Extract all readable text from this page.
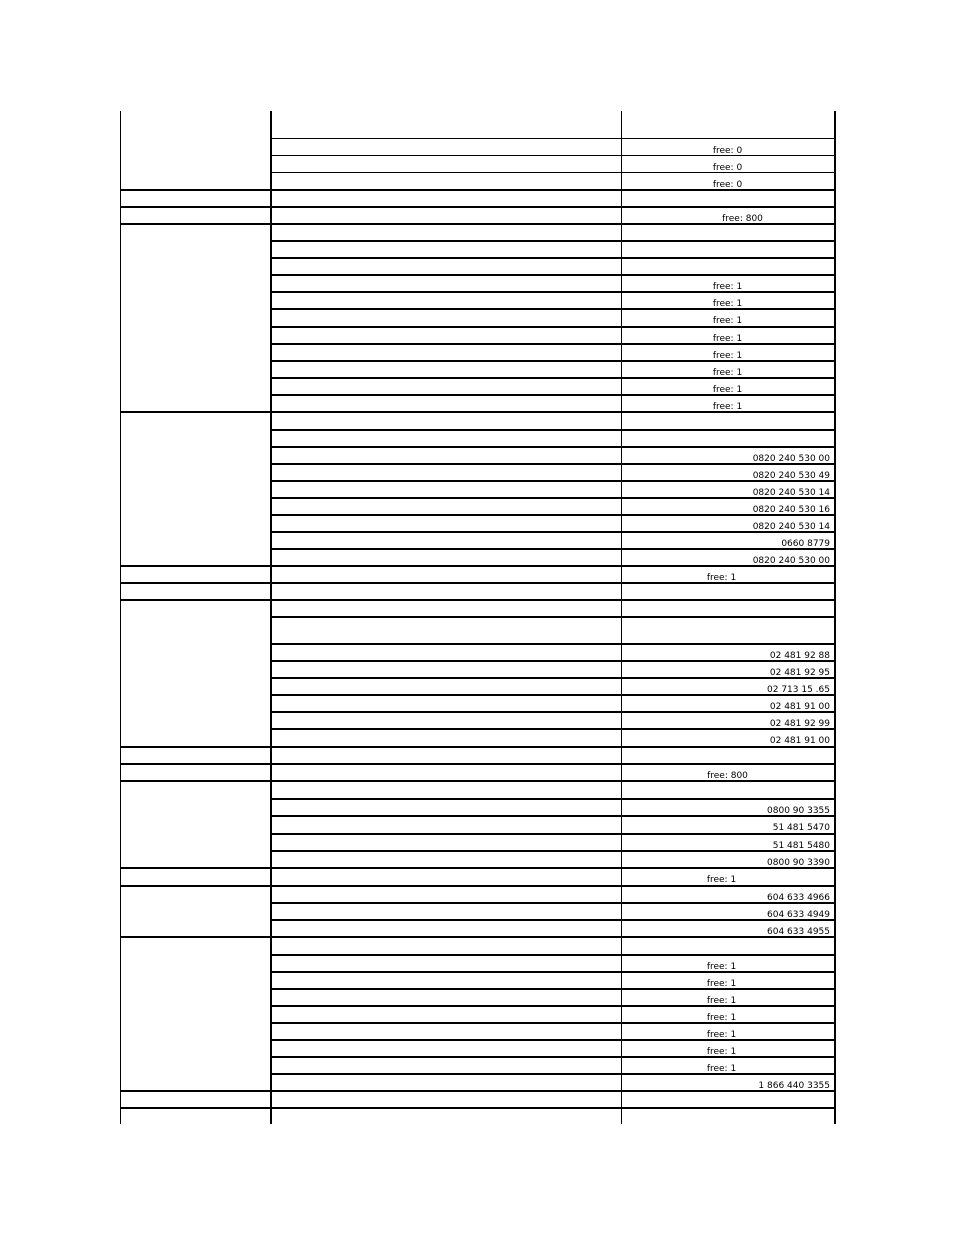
free: 0
free: 0
free: 0
free: 800
free: 1
free: 1
free: 1
free: 1
free: 1
free: 1
free: 1
free: 1
0820 240 530 00
0820 240 530 49
0820 240 530 14
0820 240 530 16
0820 240 530 14
0660 8779
0820 240 530 00
free: 1
02 481 92 88
02 481 92 95
02 713 15 .65
02 481 91 00
02 481 92 99
02 481 91 00
free: 800
0800 90 3355
51 481 5470
51 481 5480
0800 90 3390
free: 1
604 633 4966
604 633 4949
604 633 4955
free: 1
free: 1
free: 1
free: 1
free: 1
free: 1
free: 1
1 866 440 3355
